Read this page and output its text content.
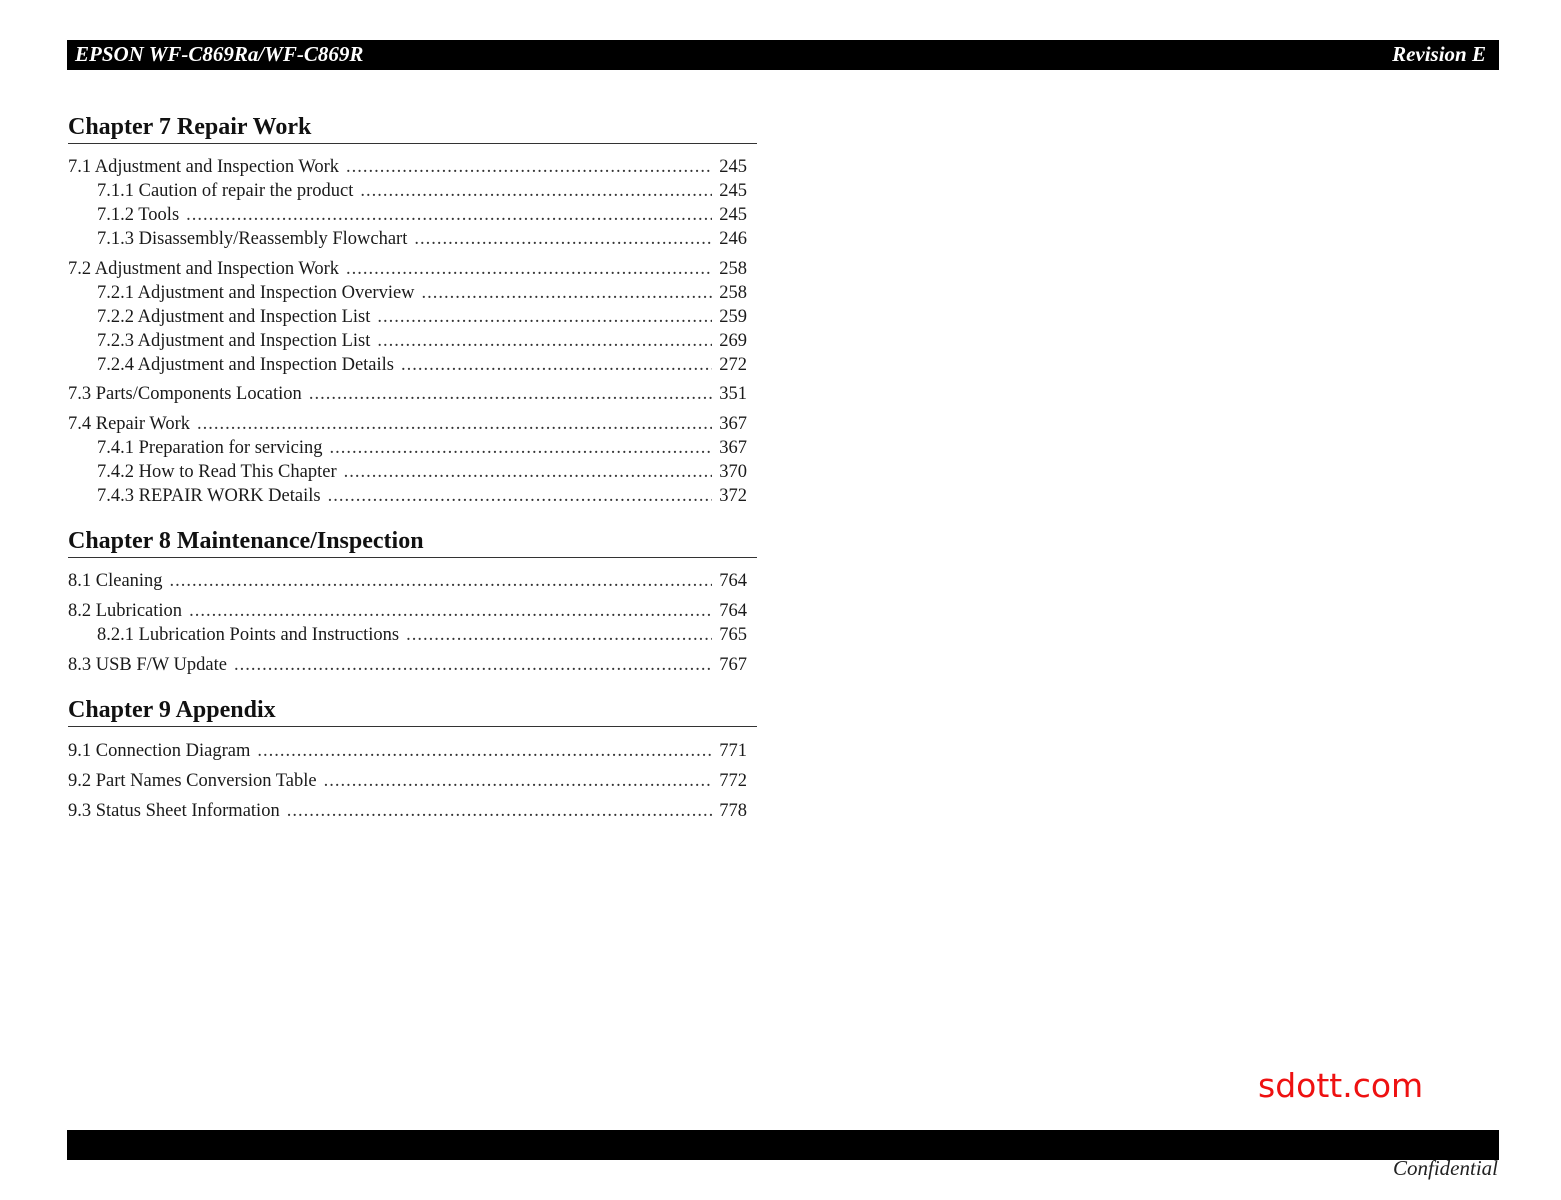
EPSON WF-C869Ra/WF-C869R	Revision E
Chapter 7 Repair Work
7.1 Adjustment and Inspection Work .....	245
7.1.1 Caution of repair the product .....	245
7.1.2 Tools .....	245
7.1.3 Disassembly/Reassembly Flowchart .....	246
7.2 Adjustment and Inspection Work .....	258
7.2.1 Adjustment and Inspection Overview .....	258
7.2.2 Adjustment and Inspection List .....	259
7.2.3 Adjustment and Inspection List .....	269
7.2.4 Adjustment and Inspection Details .....	272
7.3 Parts/Components Location .....	351
7.4 Repair Work .....	367
7.4.1 Preparation for servicing .....	367
7.4.2 How to Read This Chapter .....	370
7.4.3 REPAIR WORK Details .....	372
Chapter 8 Maintenance/Inspection
8.1 Cleaning .....	764
8.2 Lubrication .....	764
8.2.1 Lubrication Points and Instructions .....	765
8.3 USB F/W Update .....	767
Chapter 9 Appendix
9.1 Connection Diagram .....	771
9.2 Part Names Conversion Table .....	772
9.3 Status Sheet Information .....	778
sdott.com
Confidential
